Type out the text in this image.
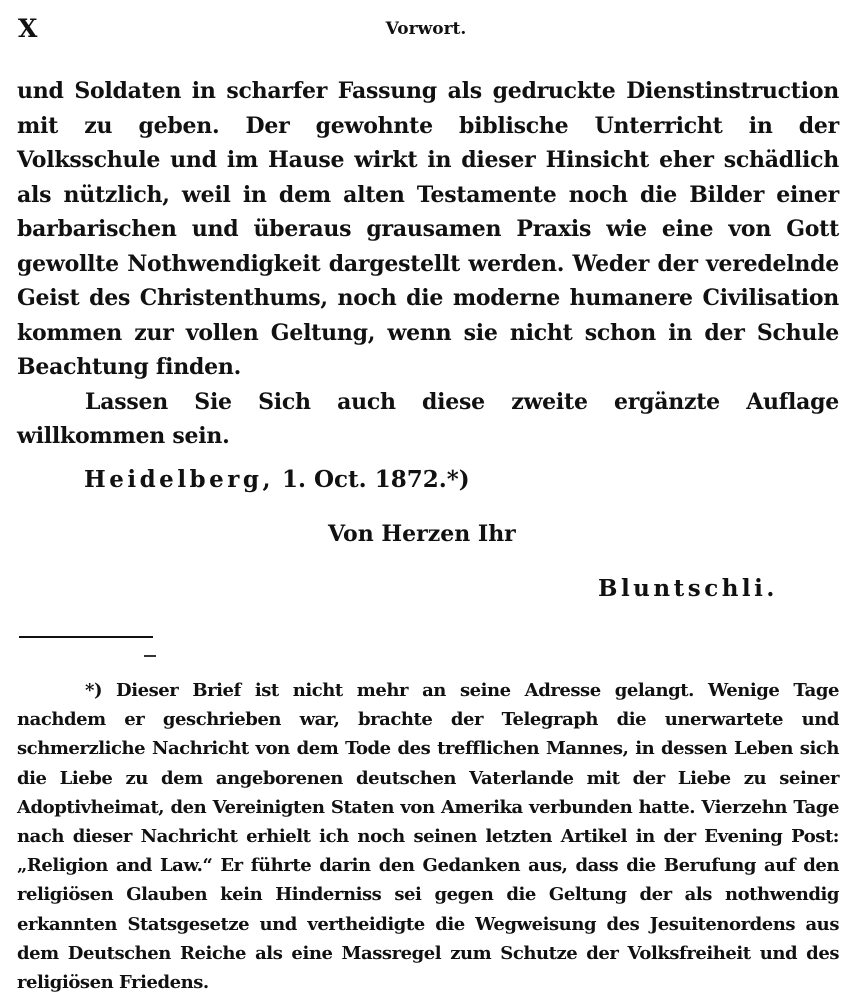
X	Vorwort.

und Soldaten in scharfer Fassung als gedruckte Dienstinstruction mit zu geben. Der gewohnte biblische Unterricht in der Volksschule und im Hause wirkt in dieser Hinsicht eher schädlich als nützlich, weil in dem alten Testamente noch die Bilder einer barbarischen und überaus grausamen Praxis wie eine von Gott gewollte Nothwendigkeit dargestellt werden. Weder der veredelnde Geist des Christenthums, noch die moderne humanere Civilisation kommen zur vollen Geltung, wenn sie nicht schon in der Schule Beachtung finden.

Lassen Sie Sich auch diese zweite ergänzte Auflage willkommen sein.

Heidelberg, 1. Oct. 1872.*)
Von Herzen Ihr
Bluntschli.

*) Dieser Brief ist nicht mehr an seine Adresse gelangt. Wenige Tage nachdem er geschrieben war, brachte der Telegraph die unerwartete und schmerzliche Nachricht von dem Tode des trefflichen Mannes, in dessen Leben sich die Liebe zu dem angeborenen deutschen Vaterlande mit der Liebe zu seiner Adoptivheimat, den Vereinigten Staten von Amerika verbunden hatte. Vierzehn Tage nach dieser Nachricht erhielt ich noch seinen letzten Artikel in der Evening Post: „Religion and Law.“ Er führte darin den Gedanken aus, dass die Berufung auf den religiösen Glauben kein Hinderniss sei gegen die Geltung der als nothwendig erkannten Statsgesetze und vertheidigte die Wegweisung des Jesuitenordens aus dem Deutschen Reiche als eine Massregel zum Schutze der Volksfreiheit und des religiösen Friedens.
